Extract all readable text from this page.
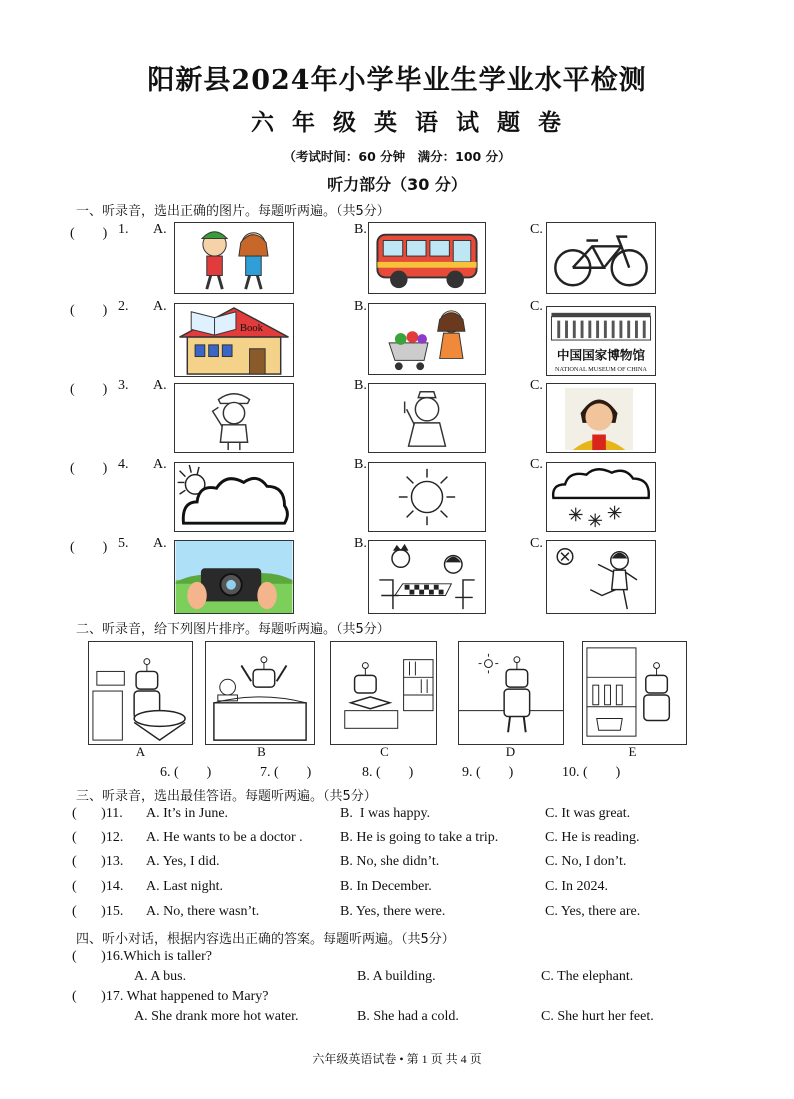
阳新县2024年小学毕业生学业水平检测
六年级英语试题卷
（考试时间：60 分钟　满分：100 分）
听力部分（30 分）
一、听录音，选出正确的图片。每题听两遍。（共5分）
(　　) 1. A.	B.	C.
(　　) 2. A.	B.	C.
Book
中国国家博物馆
NATIONAL MUSEUM OF CHINA
(　　) 3. A.	B.	C.
(　　) 4. A.	B.	C.
(　　) 5. A.	B.	C.
二、听录音，给下列图片排序。每题听两遍。（共5分）
A	B	C	D	E
6. (        )	7. (        )	8. (        )	9. (        )	10. (        )
三、听录音，选出最佳答语。每题听两遍。（共5分）
(       )11. A. It’s in June.	B.  I was happy.	C. It was great.
(       )12. A. He wants to be a doctor .	B. He is going to take a trip.	C. He is reading.
(       )13. A. Yes, I did.	B. No, she didn’t.	C. No, I don’t.
(       )14. A. Last night.	B. In December.	C. In 2024.
(       )15. A. No, there wasn’t.	B. Yes, there were.	C. Yes, there are.
四、听小对话，根据内容选出正确的答案。每题听两遍。（共5分）
(       )16.Which is taller?
A. A bus.	B. A building.	C. The elephant.
(       )17. What happened to Mary?
A. She drank more hot water.	B. She had a cold.	C. She hurt her feet.
六年级英语试卷 • 第 1 页 共 4 页
